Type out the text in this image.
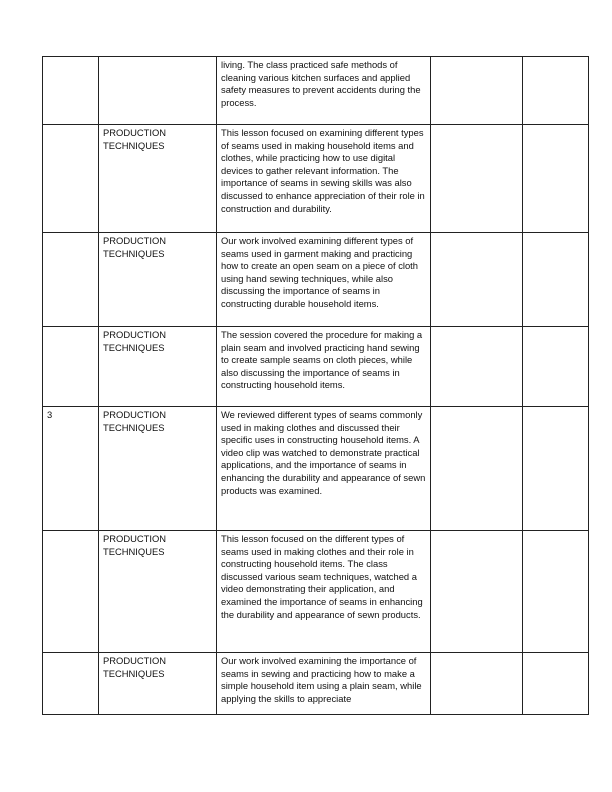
		living. The class practiced safe methods of cleaning various kitchen surfaces and applied safety measures to prevent accidents during the process.		
	PRODUCTION TECHNIQUES	This lesson focused on examining different types of seams used in making household items and clothes, while practicing how to use digital devices to gather relevant information. The importance of seams in sewing skills was also discussed to enhance appreciation of their role in construction and durability.		
	PRODUCTION TECHNIQUES	Our work involved examining different types of seams used in garment making and practicing how to create an open seam on a piece of cloth using hand sewing techniques, while also discussing the importance of seams in constructing durable household items.		
	PRODUCTION TECHNIQUES	The session covered the procedure for making a plain seam and involved practicing hand sewing to create sample seams on cloth pieces, while also discussing the importance of seams in constructing household items.		
3	PRODUCTION TECHNIQUES	We reviewed different types of seams commonly used in making clothes and discussed their specific uses in constructing household items. A video clip was watched to demonstrate practical applications, and the importance of seams in enhancing the durability and appearance of sewn products was examined.		
	PRODUCTION TECHNIQUES	This lesson focused on the different types of seams used in making clothes and their role in constructing household items. The class discussed various seam techniques, watched a video demonstrating their application, and examined the importance of seams in enhancing the durability and appearance of sewn products.		
	PRODUCTION TECHNIQUES	Our work involved examining the importance of seams in sewing and practicing how to make a simple household item using a plain seam, while applying the skills to appreciate		
